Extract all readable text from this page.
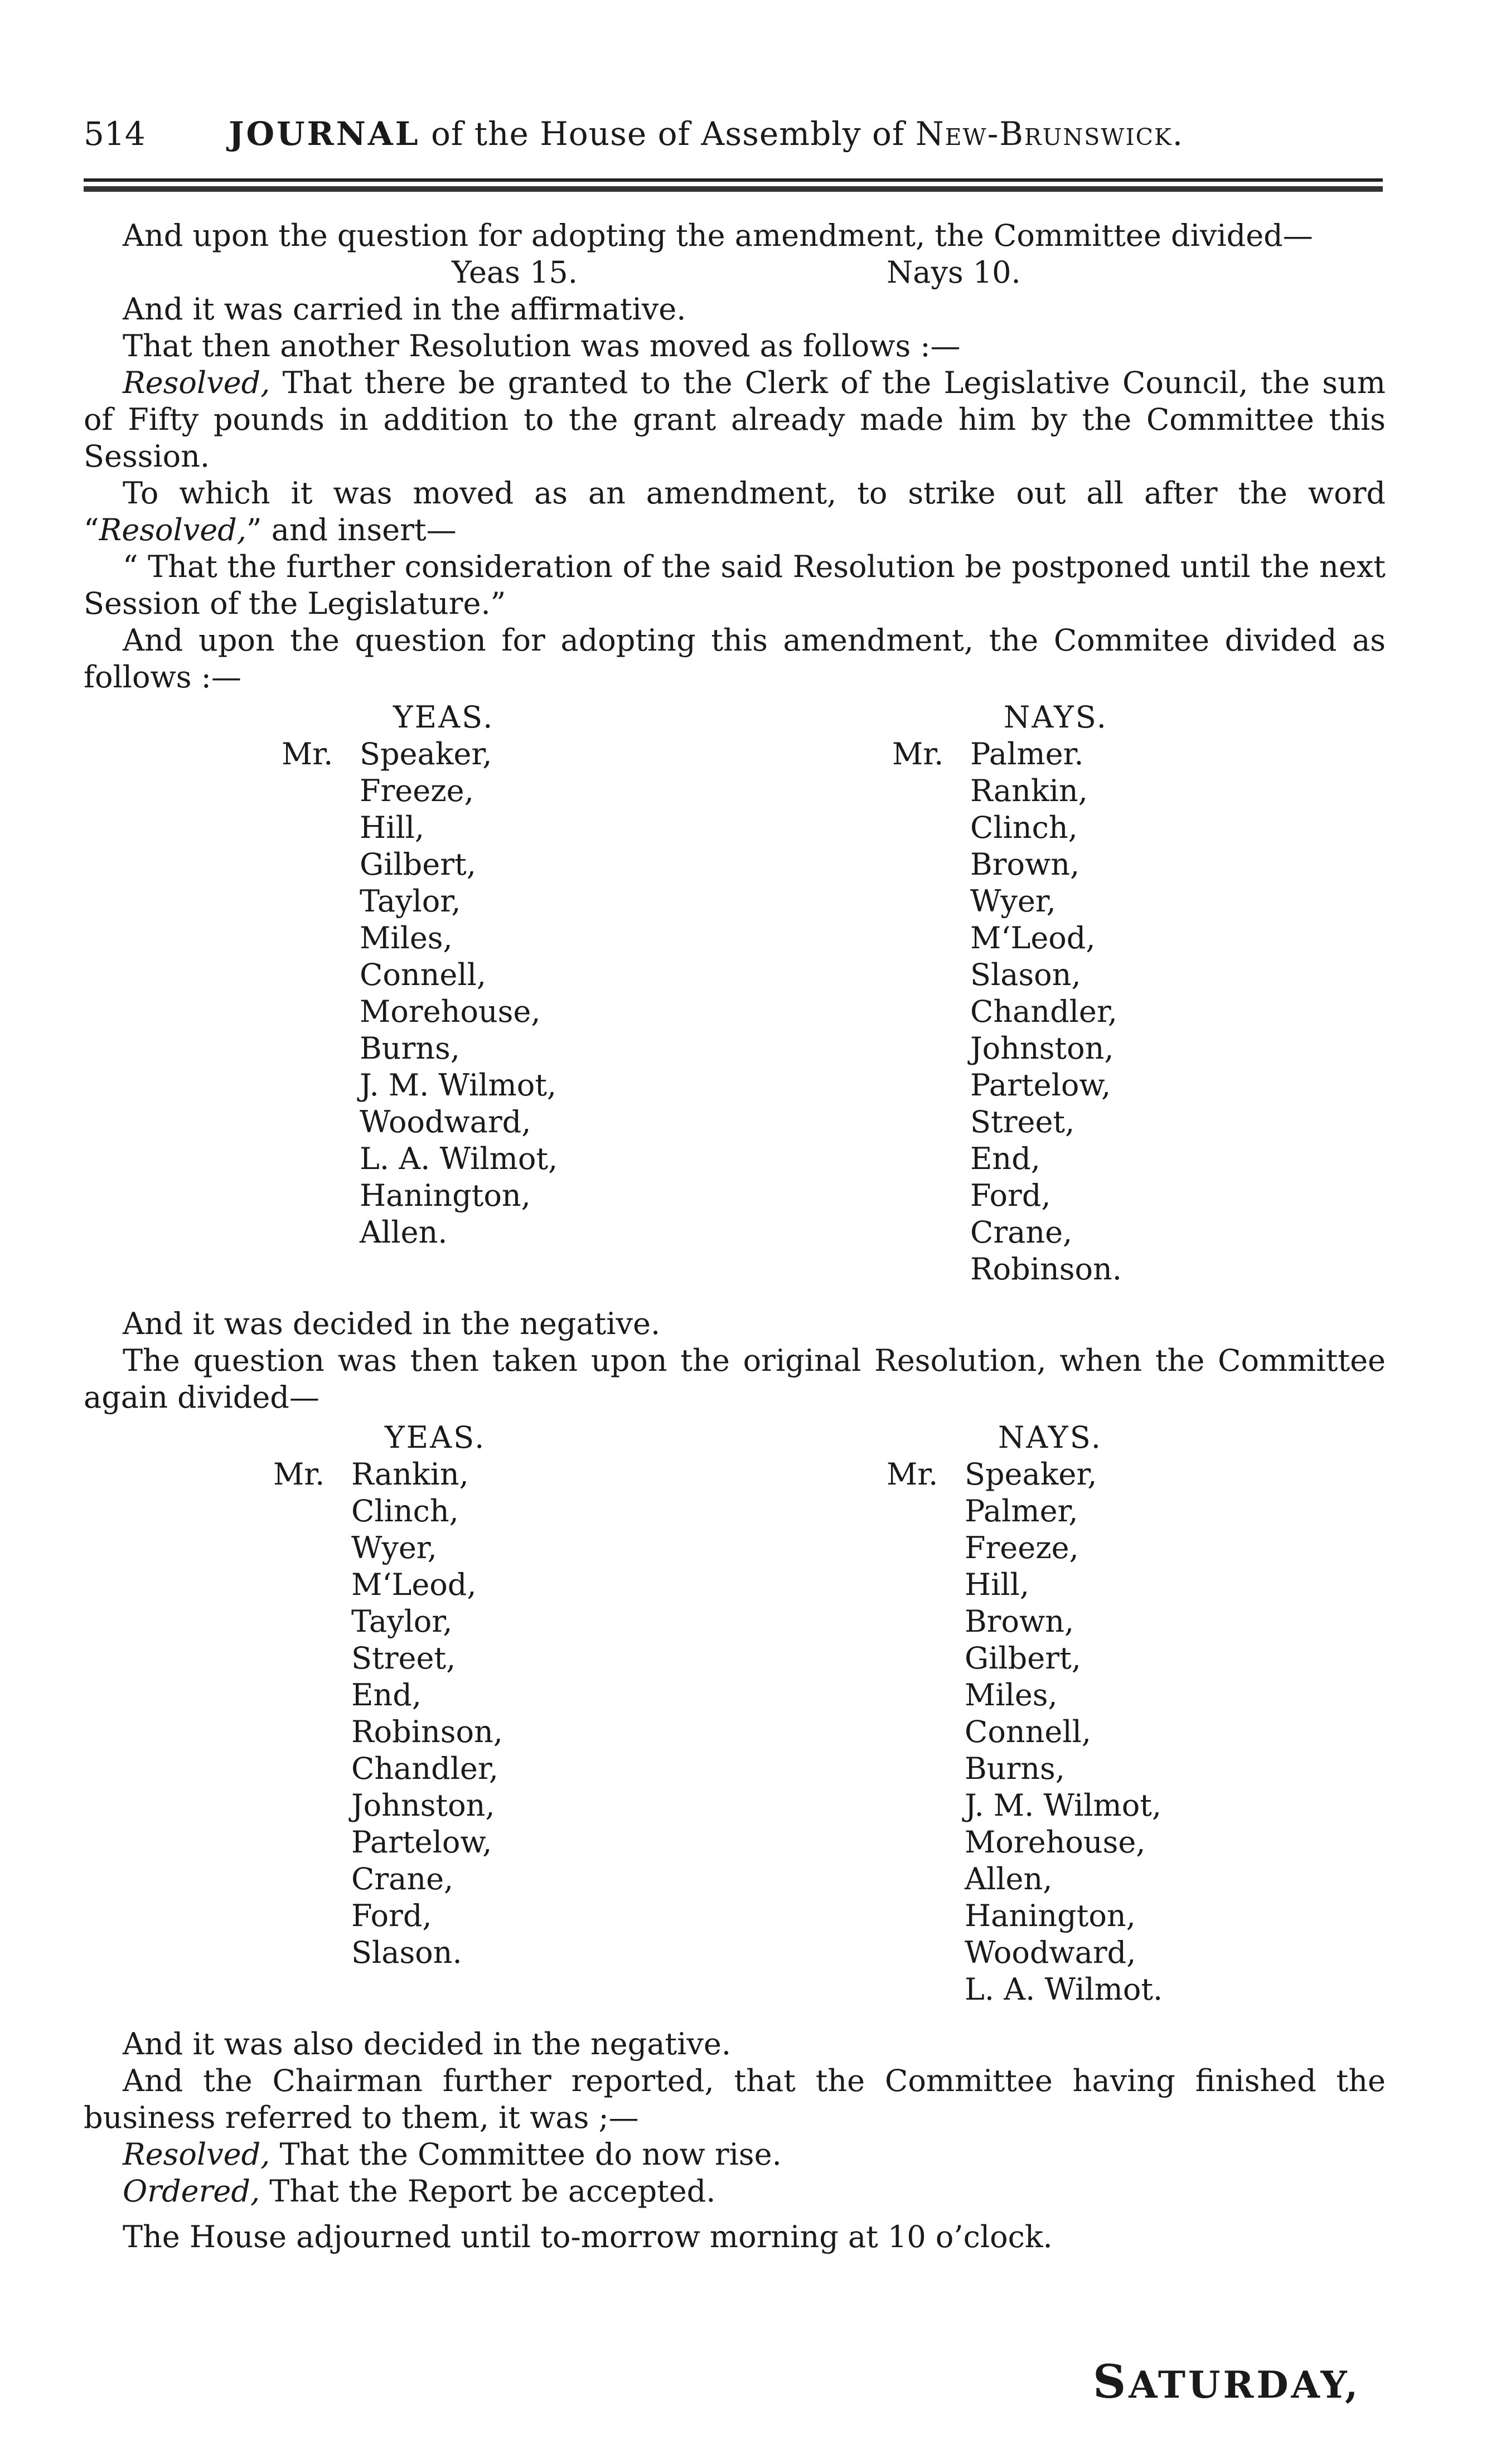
514	JOURNAL of the House of Assembly of New-Brunswick.

And upon the question for adopting the amendment, the Committee divided—

Yeas 15.	Nays 10.

And it was carried in the affirmative.

That then another Resolution was moved as follows :—

Resolved, That there be granted to the Clerk of the Legislative Council, the sum of Fifty pounds in addition to the grant already made him by the Committee this Session.

To which it was moved as an amendment, to strike out all after the word “Resolved,” and insert—

“ That the further consideration of the said Resolution be postponed until the next Session of the Legislature.”

And upon the question for adopting this amendment, the Commitee divided as follows :—

YEAS.
Mr. Speaker,
Freeze,
Hill,
Gilbert,
Taylor,
Miles,
Connell,
Morehouse,
Burns,
J. M. Wilmot,
Woodward,
L. A. Wilmot,
Hanington,
Allen.
NAYS.
Mr. Palmer.
Rankin,
Clinch,
Brown,
Wyer,
M‘Leod,
Slason,
Chandler,
Johnston,
Partelow,
Street,
End,
Ford,
Crane,
Robinson.

And it was decided in the negative.

The question was then taken upon the original Resolution, when the Committee again divided—

YEAS.
Mr. Rankin,
Clinch,
Wyer,
M‘Leod,
Taylor,
Street,
End,
Robinson,
Chandler,
Johnston,
Partelow,
Crane,
Ford,
Slason.
NAYS.
Mr. Speaker,
Palmer,
Freeze,
Hill,
Brown,
Gilbert,
Miles,
Connell,
Burns,
J. M. Wilmot,
Morehouse,
Allen,
Hanington,
Woodward,
L. A. Wilmot.

And it was also decided in the negative.

And the Chairman further reported, that the Committee having finished the business referred to them, it was ;—

Resolved, That the Committee do now rise.

Ordered, That the Report be accepted.

The House adjourned until to-morrow morning at 10 o’clock.

SATURDAY,
